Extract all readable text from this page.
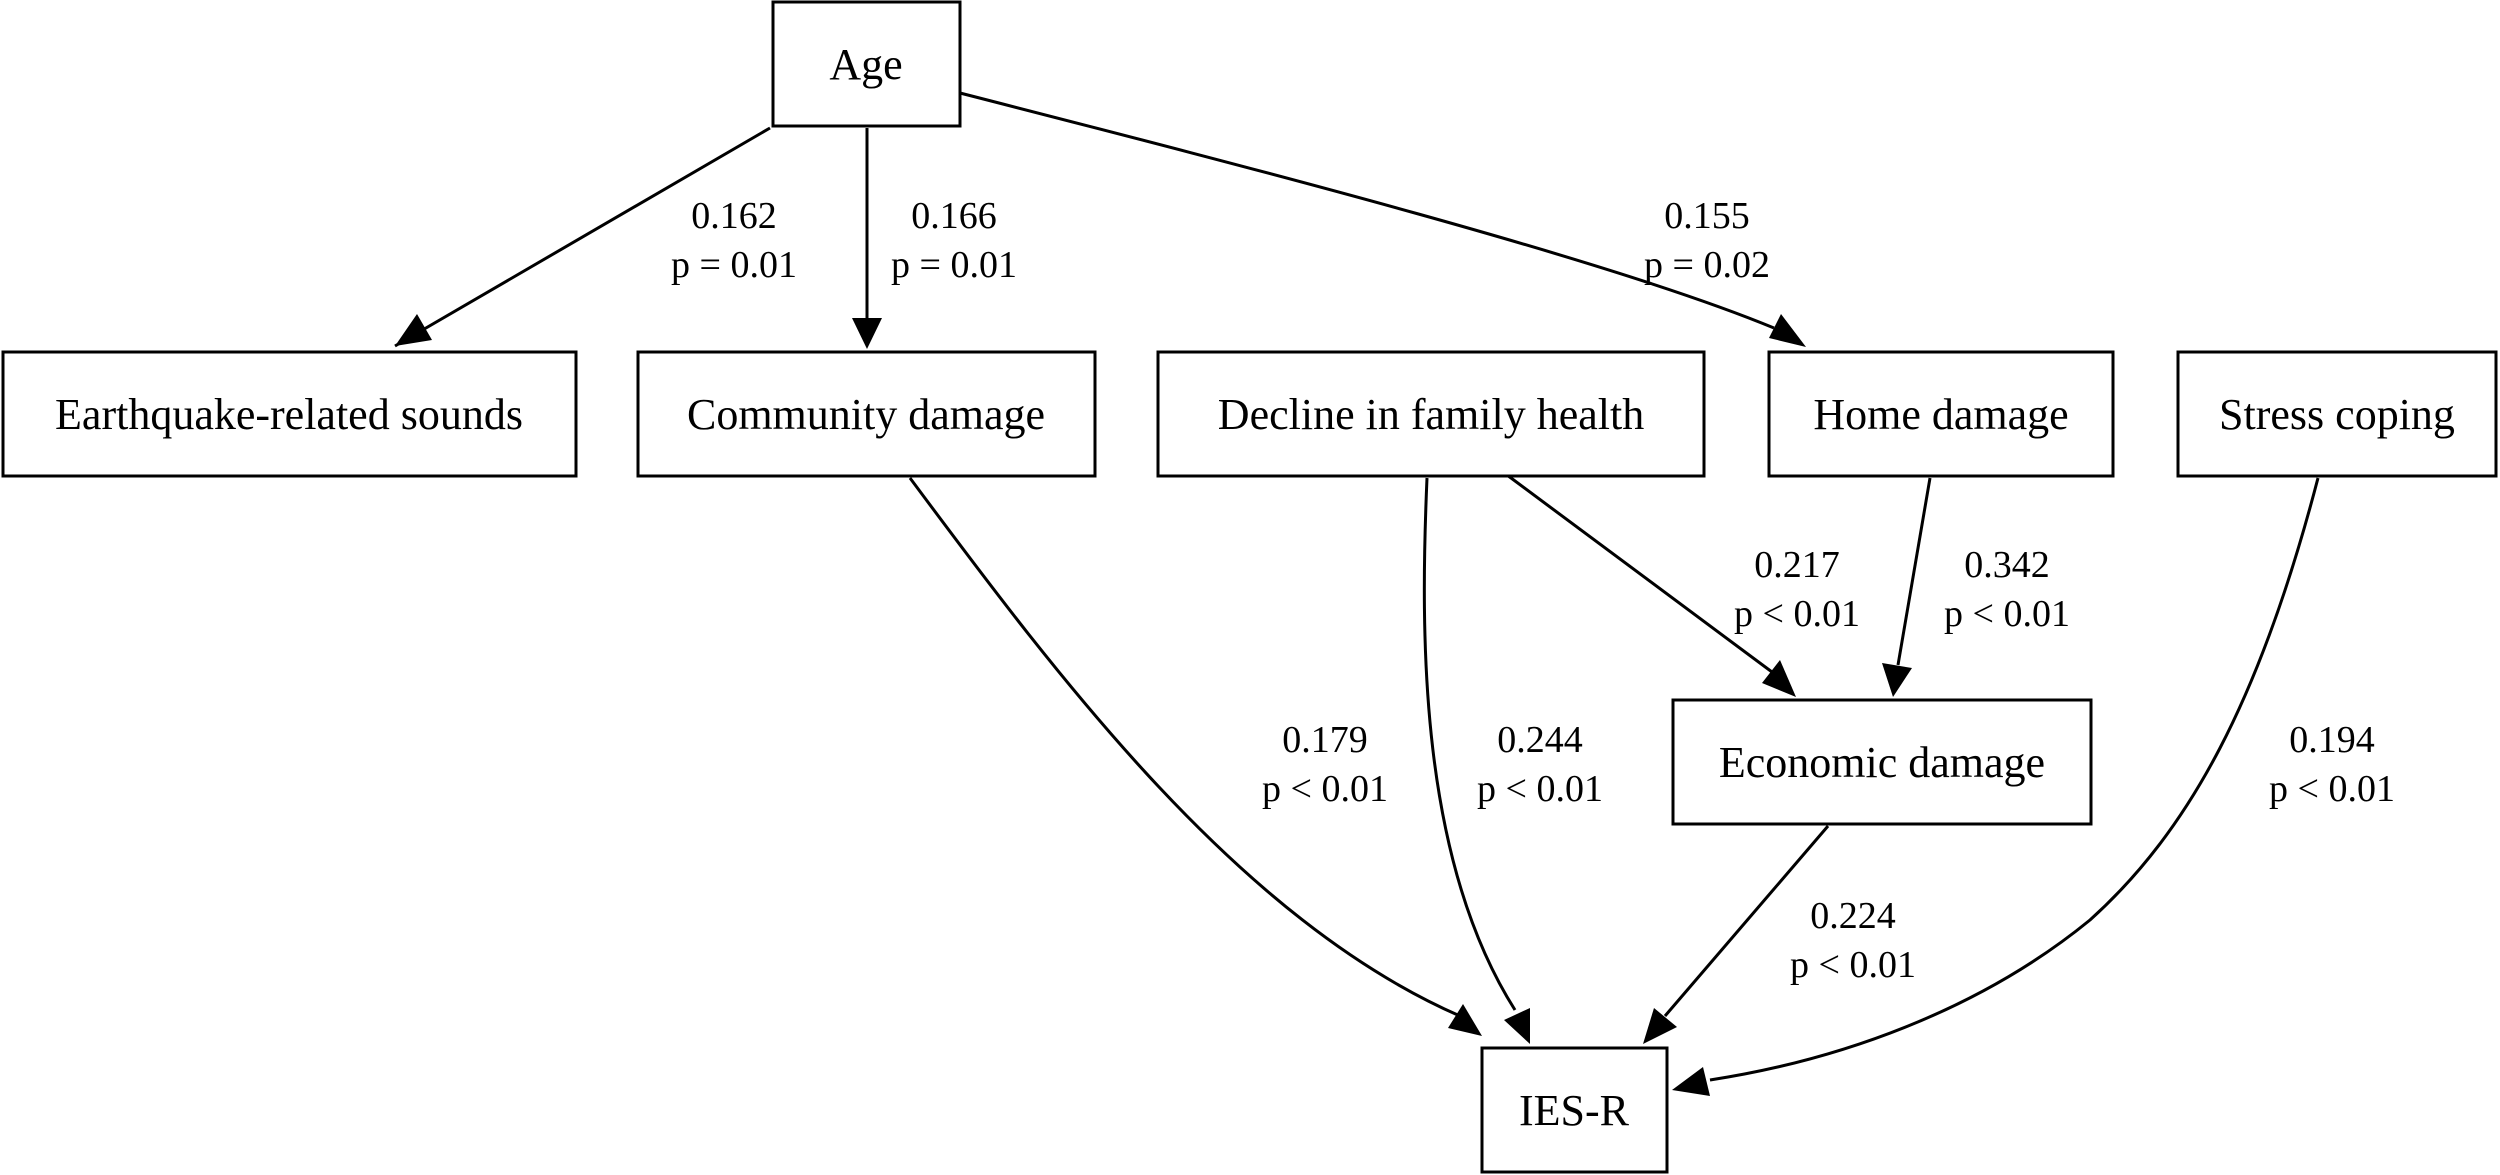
0.162
p = 0.01
0.166
p = 0.01
0.155
p = 0.02
0.217
p < 0.01
0.342
p < 0.01
0.179
p < 0.01
0.244
p < 0.01
0.194
p < 0.01
0.224
p < 0.01
Age
Earthquake-related sounds	Community damage	Decline in family health	Home damage	Stress coping
Economic damage
IES-R
